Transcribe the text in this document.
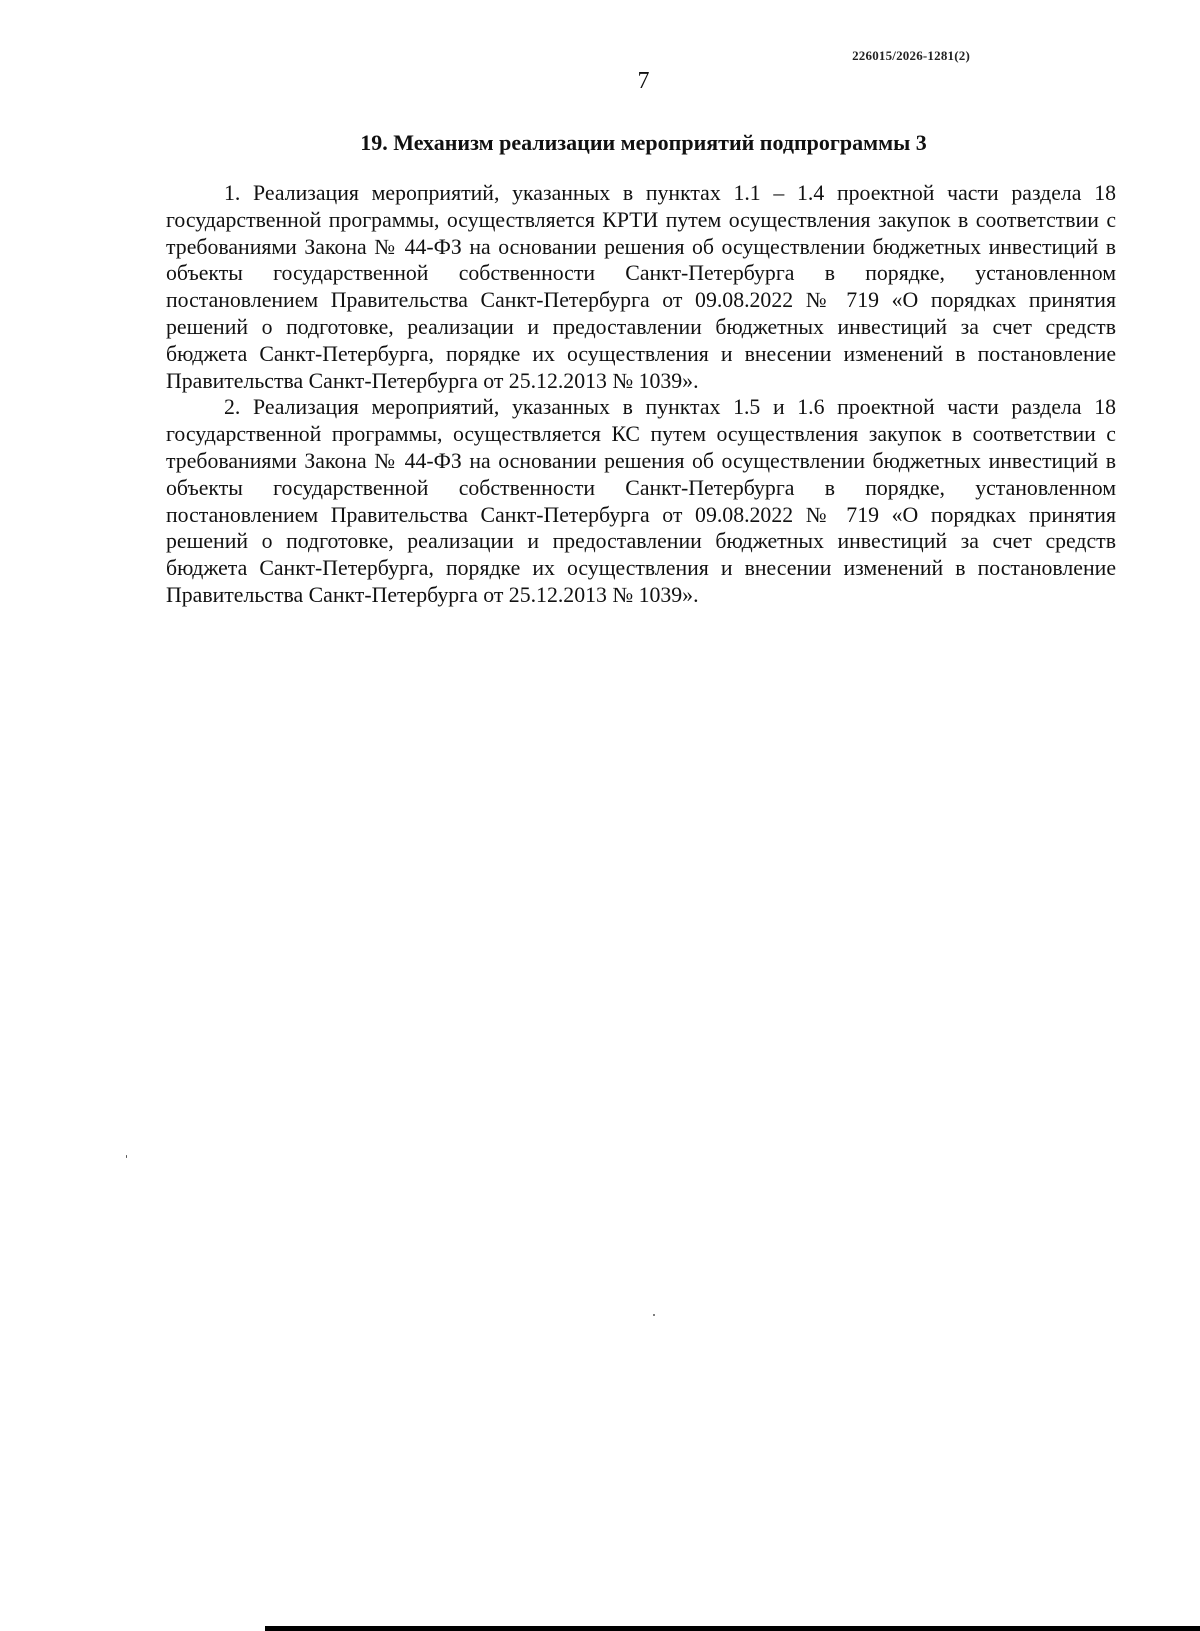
226015/2026-1281(2)
7
19. Механизм реализации мероприятий подпрограммы 3

1. Реализация мероприятий, указанных в пунктах 1.1 – 1.4 проектной части раздела 18 государственной программы, осуществляется КРТИ путем осуществления закупок в соответствии с требованиями Закона № 44-ФЗ на основании решения об осуществлении бюджетных инвестиций в объекты государственной собственности Санкт-Петербурга в порядке, установленном постановлением Правительства Санкт-Петербурга от 09.08.2022 № 719 «О порядках принятия решений о подготовке, реализации и предоставлении бюджетных инвестиций за счет средств бюджета Санкт-Петербурга, порядке их осуществления и внесении изменений в постановление Правительства Санкт-Петербурга от 25.12.2013 № 1039».

2. Реализация мероприятий, указанных в пунктах 1.5 и 1.6 проектной части раздела 18 государственной программы, осуществляется КС путем осуществления закупок в соответствии с требованиями Закона № 44-ФЗ на основании решения об осуществлении бюджетных инвестиций в объекты государственной собственности Санкт-Петербурга в порядке, установленном постановлением Правительства Санкт-Петербурга от 09.08.2022 № 719 «О порядках принятия решений о подготовке, реализации и предоставлении бюджетных инвестиций за счет средств бюджета Санкт-Петербурга, порядке их осуществления и внесении изменений в постановление Правительства Санкт-Петербурга от 25.12.2013 № 1039».
